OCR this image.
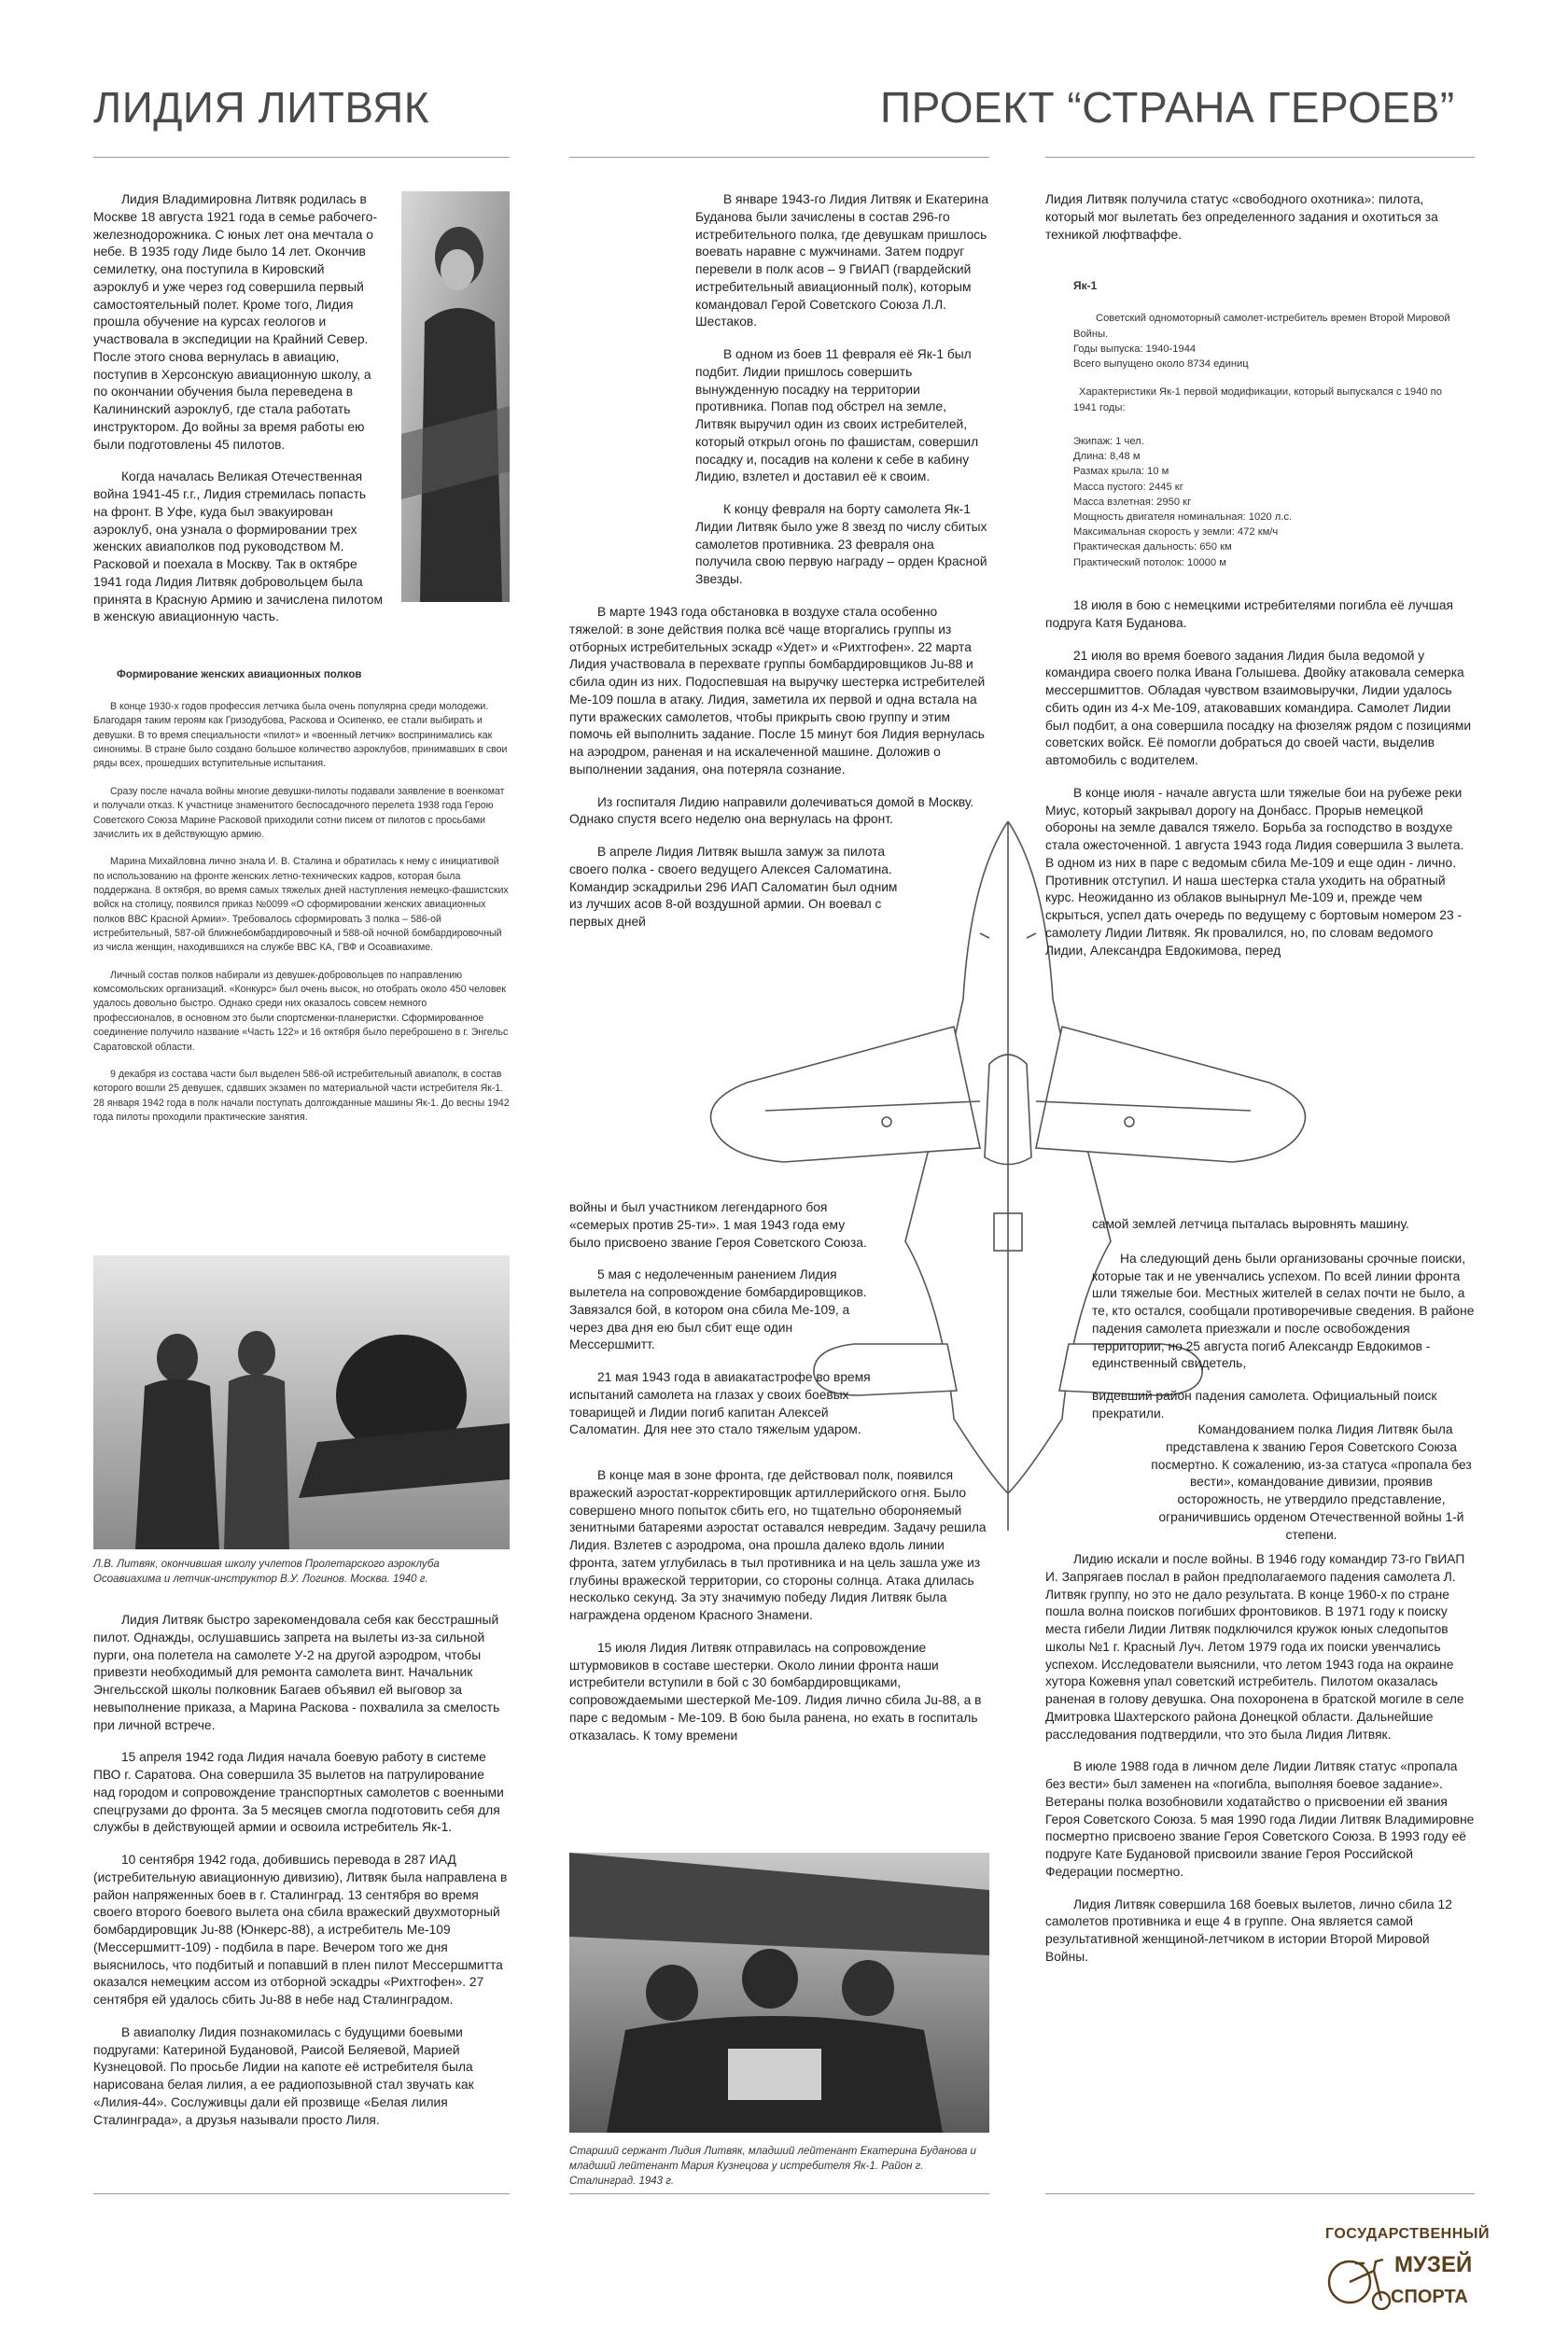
ЛИДИЯ ЛИТВЯК	ПРОЕКТ “СТРАНА ГЕРОЕВ”

Лидия Владимировна Литвяк родилась в Москве 18 августа 1921 года в семье рабочего-железнодорожника. С юных лет она мечтала о небе. В 1935 году Лиде было 14 лет. Окончив семилетку, она поступила в Кировский аэроклуб и уже через год совершила первый самостоятельный полет. Кроме того, Лидия прошла обучение на курсах геологов и участвовала в экспедиции на Крайний Север. После этого снова вернулась в авиацию, поступив в Херсонскую авиационную школу, а по окончании обучения была переведена в Калининский аэроклуб, где стала работать инструктором. До войны за время работы ею были подготовлены 45 пилотов.

Когда началась Великая Отечественная война 1941-45 г.г., Лидия стремилась попасть на фронт. В Уфе, куда был эвакуирован аэроклуб, она узнала о формировании трех женских авиаполков под руководством М. Расковой и поехала в Москву. Так в октябре 1941 года Лидия Литвяк добровольцем была принята в Красную Армию и зачислена пилотом в женскую авиационную часть.

Формирование женских авиационных полков

В конце 1930-х годов профессия летчика была очень популярна среди молодежи. Благодаря таким героям как Гризодубова, Раскова и Осипенко, ее стали выбирать и девушки. В то время специальности «пилот» и «военный летчик» воспринимались как синонимы. В стране было создано большое количество аэроклубов, принимавших в свои ряды всех, прошедших вступительные испытания.

Сразу после начала войны многие девушки-пилоты подавали заявление в военкомат и получали отказ. К участнице знаменитого беспосадочного перелета 1938 года Герою Советского Союза Марине Расковой приходили сотни писем от пилотов с просьбами зачислить их в действующую армию.

Марина Михайловна лично знала И. В. Сталина и обратилась к нему с инициативой по использованию на фронте женских летно-технических кадров, которая была поддержана. 8 октября, во время самых тяжелых дней наступления немецко-фашистских войск на столицу, появился приказ №0099 «О сформировании женских авиационных полков ВВС Красной Армии». Требовалось сформировать 3 полка – 586-ой истребительный, 587-ой ближнебомбардировочный и 588-ой ночной бомбардировочный из числа женщин, находившихся на службе ВВС КА, ГВФ и Осоавиахиме.

Личный состав полков набирали из девушек-добровольцев по направлению комсомольских организаций. «Конкурс» был очень высок, но отобрать около 450 человек удалось довольно быстро. Однако среди них оказалось совсем немного профессионалов, в основном это были спортсменки-планеристки. Сформированное соединение получило название «Часть 122» и 16 октября было переброшено в г. Энгельс Саратовской области.

9 декабря из состава части был выделен 586-ой истребительный авиаполк, в состав которого вошли 25 девушек, сдавших экзамен по материальной части истребителя Як-1. 28 января 1942 года в полк начали поступать долгожданные машины Як-1. До весны 1942 года пилоты проходили практические занятия.

Л.В. Литвяк, окончившая школу учлетов Пролетарского аэроклуба Осоавиахима и летчик-инструктор В.У. Логинов. Москва. 1940 г.

Лидия Литвяк быстро зарекомендовала себя как бесстрашный пилот. Однажды, ослушавшись запрета на вылеты из-за сильной пурги, она полетела на самолете У-2 на другой аэродром, чтобы привезти необходимый для ремонта самолета винт. Начальник Энгельсской школы полковник Багаев объявил ей выговор за невыполнение приказа, а Марина Раскова - похвалила за смелость при личной встрече.

15 апреля 1942 года Лидия начала боевую работу в системе ПВО г. Саратова. Она совершила 35 вылетов на патрулирование над городом и сопровождение транспортных самолетов с военными спецгрузами до фронта. За 5 месяцев смогла подготовить себя для службы в действующей армии и освоила истребитель Як-1.

10 сентября 1942 года, добившись перевода в 287 ИАД (истребительную авиационную дивизию), Литвяк была направлена в район напряженных боев в г. Сталинград. 13 сентября во время своего второго боевого вылета она сбила вражеский двухмоторный бомбардировщик Ju-88 (Юнкерс-88), а истребитель Ме-109 (Мессершмитт-109) - подбила в паре. Вечером того же дня выяснилось, что подбитый и попавший в плен пилот Мессершмитта оказался немецким ассом из отборной эскадры «Рихтгофен». 27 сентября ей удалось сбить Ju-88 в небе над Сталинградом.

В авиаполку Лидия познакомилась с будущими боевыми подругами: Катериной Будановой, Раисой Беляевой, Марией Кузнецовой. По просьбе Лидии на капоте её истребителя была нарисована белая лилия, а ее радиопозывной стал звучать как «Лилия-44». Сослуживцы дали ей прозвище «Белая лилия Сталинграда», а друзья называли просто Лиля.

В январе 1943-го Лидия Литвяк и Екатерина Буданова были зачислены в состав 296-го истребительного полка, где девушкам пришлось воевать наравне с мужчинами. Затем подруг перевели в полк асов – 9 ГвИАП (гвардейский истребительный авиационный полк), которым командовал Герой Советского Союза Л.Л. Шестаков.

В одном из боев 11 февраля её Як-1 был подбит. Лидии пришлось совершить вынужденную посадку на территории противника. Попав под обстрел на земле, Литвяк выручил один из своих истребителей, который открыл огонь по фашистам, совершил посадку и, посадив на колени к себе в кабину Лидию, взлетел и доставил её к своим.

К концу февраля на борту самолета Як-1 Лидии Литвяк было уже 8 звезд по числу сбитых самолетов противника. 23 февраля она получила свою первую награду – орден Красной Звезды.

В марте 1943 года обстановка в воздухе стала особенно тяжелой: в зоне действия полка всё чаще вторгались группы из отборных истребительных эскадр «Удет» и «Рихтгофен». 22 марта Лидия участвовала в перехвате группы бомбардировщиков Ju-88 и сбила один из них. Подоспевшая на выручку шестерка истребителей Ме-109 пошла в атаку. Лидия, заметила их первой и одна встала на пути вражеских самолетов, чтобы прикрыть свою группу и этим помочь ей выполнить задание. После 15 минут боя Лидия вернулась на аэродром, раненая и на искалеченной машине. Доложив о выполнении задания, она потеряла сознание.

Из госпиталя Лидию направили долечиваться домой в Москву. Однако спустя всего неделю она вернулась на фронт.

В апреле Лидия Литвяк вышла замуж за пилота своего полка - своего ведущего Алексея Саломатина. Командир эскадрильи 296 ИАП Саломатин был одним из лучших асов 8-ой воздушной армии. Он воевал с первых дней

войны и был участником легендарного боя «семерых против 25-ти». 1 мая 1943 года ему было присвоено звание Героя Советского Союза.

5 мая с недолеченным ранением Лидия вылетела на сопровождение бомбардировщиков. Завязался бой, в котором она сбила Ме-109, а через два дня ею был сбит еще один Мессершмитт.

21 мая 1943 года в авиакатастрофе во время испытаний самолета на глазах у своих боевых товарищей и Лидии погиб капитан Алексей Саломатин. Для нее это стало тяжелым ударом.

В конце мая в зоне фронта, где действовал полк, появился вражеский аэростат-корректировщик артиллерийского огня. Было совершено много попыток сбить его, но тщательно обороняемый зенитными батареями аэростат оставался невредим. Задачу решила Лидия. Взлетев с аэродрома, она прошла далеко вдоль линии фронта, затем углубилась в тыл противника и на цель зашла уже из глубины вражеской территории, со стороны солнца. Атака длилась несколько секунд. За эту значимую победу Лидия Литвяк была награждена орденом Красного Знамени.

15 июля Лидия Литвяк отправилась на сопровождение штурмовиков в составе шестерки. Около линии фронта наши истребители вступили в бой с 30 бомбардировщиками, сопровождаемыми шестеркой Ме-109. Лидия лично сбила Ju-88, а в паре с ведомым - Ме-109. В бою была ранена, но ехать в госпиталь отказалась. К тому времени

Старший сержант Лидия Литвяк, младший лейтенант Екатерина Буданова и младший лейтенант Мария Кузнецова у истребителя Як-1. Район г. Сталинград. 1943 г.
Лидия Литвяк получила статус «свободного охотника»: пилота, который мог вылетать без определенного задания и охотиться за техникой люфтваффе.

Як-1

Советский одномоторный самолет-истребитель времен Второй Мировой Войны.
Годы выпуска: 1940-1944
Всего выпущено около 8734 единиц

Характеристики Як-1 первой модификации, который выпускался с 1940 по 1941 годы:

Экипаж: 1 чел.
Длина: 8,48 м
Размах крыла: 10 м
Масса пустого: 2445 кг
Масса взлетная: 2950 кг
Мощность двигателя номинальная: 1020 л.с.
Максимальная скорость у земли: 472 км/ч
Практическая дальность: 650 км
Практический потолок: 10000 м

18 июля в бою с немецкими истребителями погибла её лучшая подруга Катя Буданова.

21 июля во время боевого задания Лидия была ведомой у командира своего полка Ивана Голышева. Двойку атаковала семерка мессершмиттов. Обладая чувством взаимовыручки, Лидии удалось сбить один из 4-х Ме-109, атаковавших командира. Самолет Лидии был подбит, а она совершила посадку на фюзеляж рядом с позициями советских войск. Её помогли добраться до своей части, выделив автомобиль с водителем.

В конце июля - начале августа шли тяжелые бои на рубеже реки Миус, который закрывал дорогу на Донбасс. Прорыв немецкой обороны на земле давался тяжело. Борьба за господство в воздухе стала ожесточенной. 1 августа 1943 года Лидия совершила 3 вылета. В одном из них в паре с ведомым сбила Ме-109 и еще один - лично. Противник отступил. И наша шестерка стала уходить на обратный курс. Неожиданно из облаков вынырнул Ме-109 и, прежде чем скрыться, успел дать очередь по ведущему с бортовым номером 23 - самолету Лидии Литвяк. Як провалился, но, по словам ведомого Лидии, Александра Евдокимова, перед

самой землей летчица пыталась выровнять машину.

На следующий день были организованы срочные поиски, которые так и не увенчались успехом. По всей линии фронта шли тяжелые бои. Местных жителей в селах почти не было, а те, кто остался, сообщали противоречивые сведения. В районе падения самолета приезжали и после освобождения территории, но 25 августа погиб Александр Евдокимов - единственный свидетель,

видевший район падения самолета. Официальный поиск прекратили.

Командованием полка Лидия Литвяк была представлена к званию Героя Советского Союза посмертно. К сожалению, из-за статуса «пропала без вести», командование дивизии, проявив осторожность, не утвердило представление, ограничившись орденом Отечественной войны 1-й степени.

Лидию искали и после войны. В 1946 году командир 73-го ГвИАП И. Запрягаев послал в район предполагаемого падения самолета Л. Литвяк группу, но это не дало результата. В конце 1960-х по стране пошла волна поисков погибших фронтовиков. В 1971 году к поиску места гибели Лидии Литвяк подключился кружок юных следопытов школы №1 г. Красный Луч. Летом 1979 года их поиски увенчались успехом. Исследователи выяснили, что летом 1943 года на окраине хутора Кожевня упал советский истребитель. Пилотом оказалась раненая в голову девушка. Она похоронена в братской могиле в селе Дмитровка Шахтерского района Донецкой области. Дальнейшие расследования подтвердили, что это была Лидия Литвяк.

В июле 1988 года в личном деле Лидии Литвяк статус «пропала без вести» был заменен на «погибла, выполняя боевое задание». Ветераны полка возобновили ходатайство о присвоении ей звания Героя Советского Союза. 5 мая 1990 года Лидии Литвяк Владимировне посмертно присвоено звание Героя Советского Союза. В 1993 году её подруге Кате Будановой присвоили звание Героя Российской Федерации посмертно.

Лидия Литвяк совершила 168 боевых вылетов, лично сбила 12 самолетов противника и еще 4 в группе. Она является самой результативной женщиной-летчиком в истории Второй Мировой Войны.

ГОСУДАРСТВЕННЫЙ
МУЗЕЙ
СПОРТА
